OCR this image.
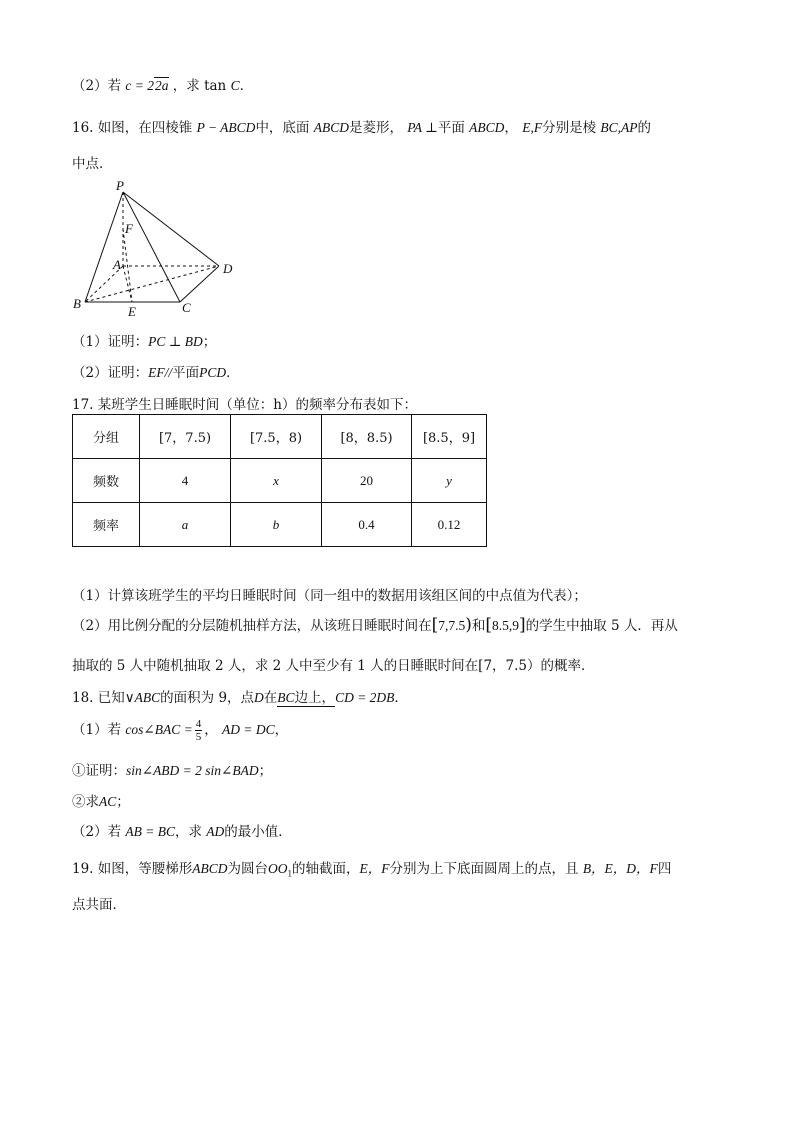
（2）若 c = 22a ，求 tan C．
16. 如图，在四棱锥 P − ABCD中，底面 ABCD是菱形， PA ⊥平面 ABCD， E,F分别是棱 BC,AP的
中点．
P
F
A	D
B
E	C
（1）证明：PC ⊥ BD；
（2）证明：EF//平面PCD．
17. 某班学生日睡眠时间（单位：h）的频率分布表如下：
分组	[7，7.5)	[7.5，8)	[8，8.5)	[8.5，9]
频数	4	x	20	y
频率	a	b	0.4	0.12
（1）计算该班学生的平均日睡眠时间（同一组中的数据用该组区间的中点值为代表）；
（2）用比例分配的分层随机抽样方法，从该班日睡眠时间在[7,7.5)和[8.5,9]的学生中抽取 5 人．再从
抽取的 5 人中随机抽取 2 人，求 2 人中至少有 1 人的日睡眠时间在[7，7.5）的概率．
18. 已知∨ABC的面积为 9，点D在BC边上，CD = 2DB．
（1）若 cos∠BAC = $\frac{4}{5}$ ， AD = DC，
①证明：sin∠ABD = 2 sin∠BAD；
②求AC；
（2）若 AB = BC，求 AD的最小值．
19. 如图，等腰梯形ABCD为圆台$OO_1$的轴截面，E，F分别为上下底面圆周上的点，且 B，E，D，F四
点共面．
